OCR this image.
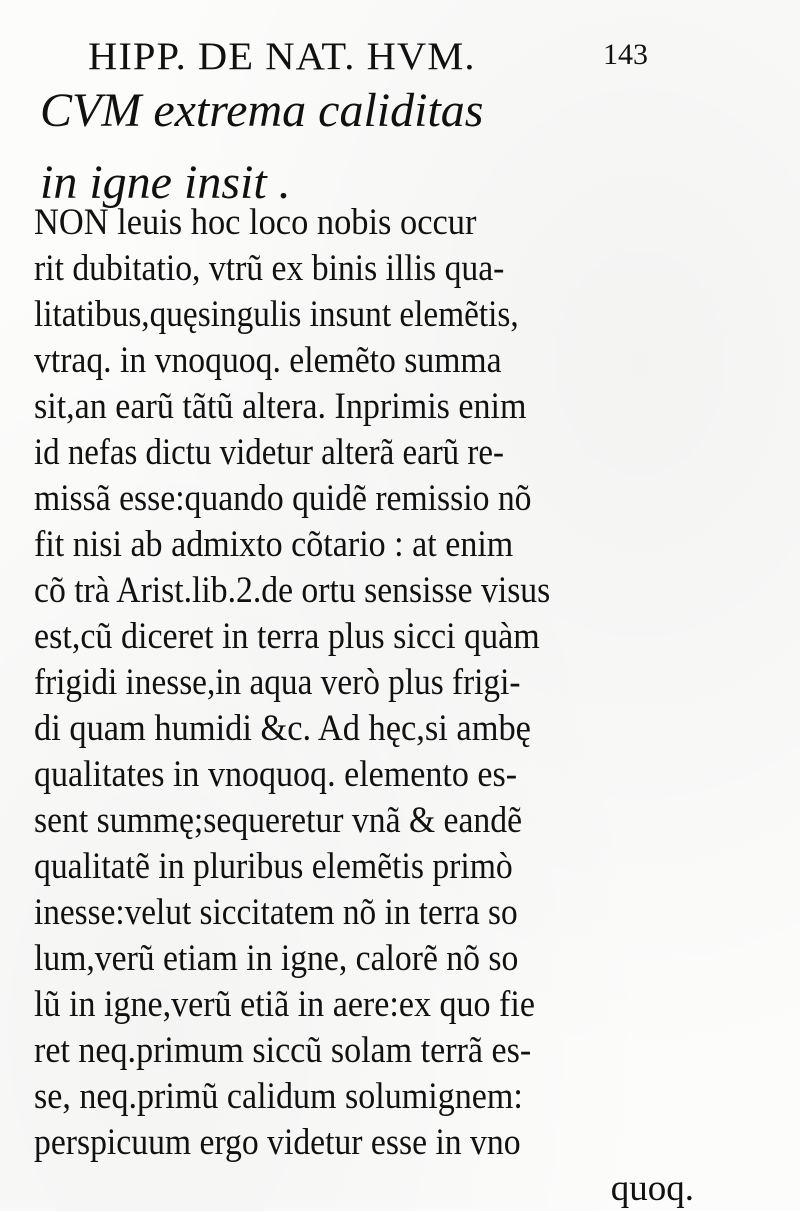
HIPP. DE NAT. HVM.	143
CVM extrema caliditas
in igne insit .
NON leuis hoc loco nobis occur
rit dubitatio, vtrũ ex binis illis qua-
litatibus,quęsingulis insunt elemẽtis,
vtraq. in vnoquoq. elemẽto summa
sit,an earũ tãtũ altera. Inprimis enim
id nefas dictu videtur alterã earũ re-
missã esse:quando quidẽ remissio nõ
fit nisi ab admixto cõtario : at enim
cõ trà Arist.lib.2.de ortu sensisse visus
est,cũ diceret in terra plus sicci quàm
frigidi inesse,in aqua verò plus frigi-
di quam humidi &c. Ad hęc,si ambę
qualitates in vnoquoq. elemento es-
sent summę;sequeretur vnã & eandẽ
qualitatẽ in pluribus elemẽtis primò
inesse:velut siccitatem nõ in terra so
lum,verũ etiam in igne, calorẽ nõ so
lũ in igne,verũ etiã in aere:ex quo fie
ret neq.primum siccũ solam terrã es-
se, neq.primũ calidum solumignem:
perspicuum ergo videtur esse in vno
quoq.
